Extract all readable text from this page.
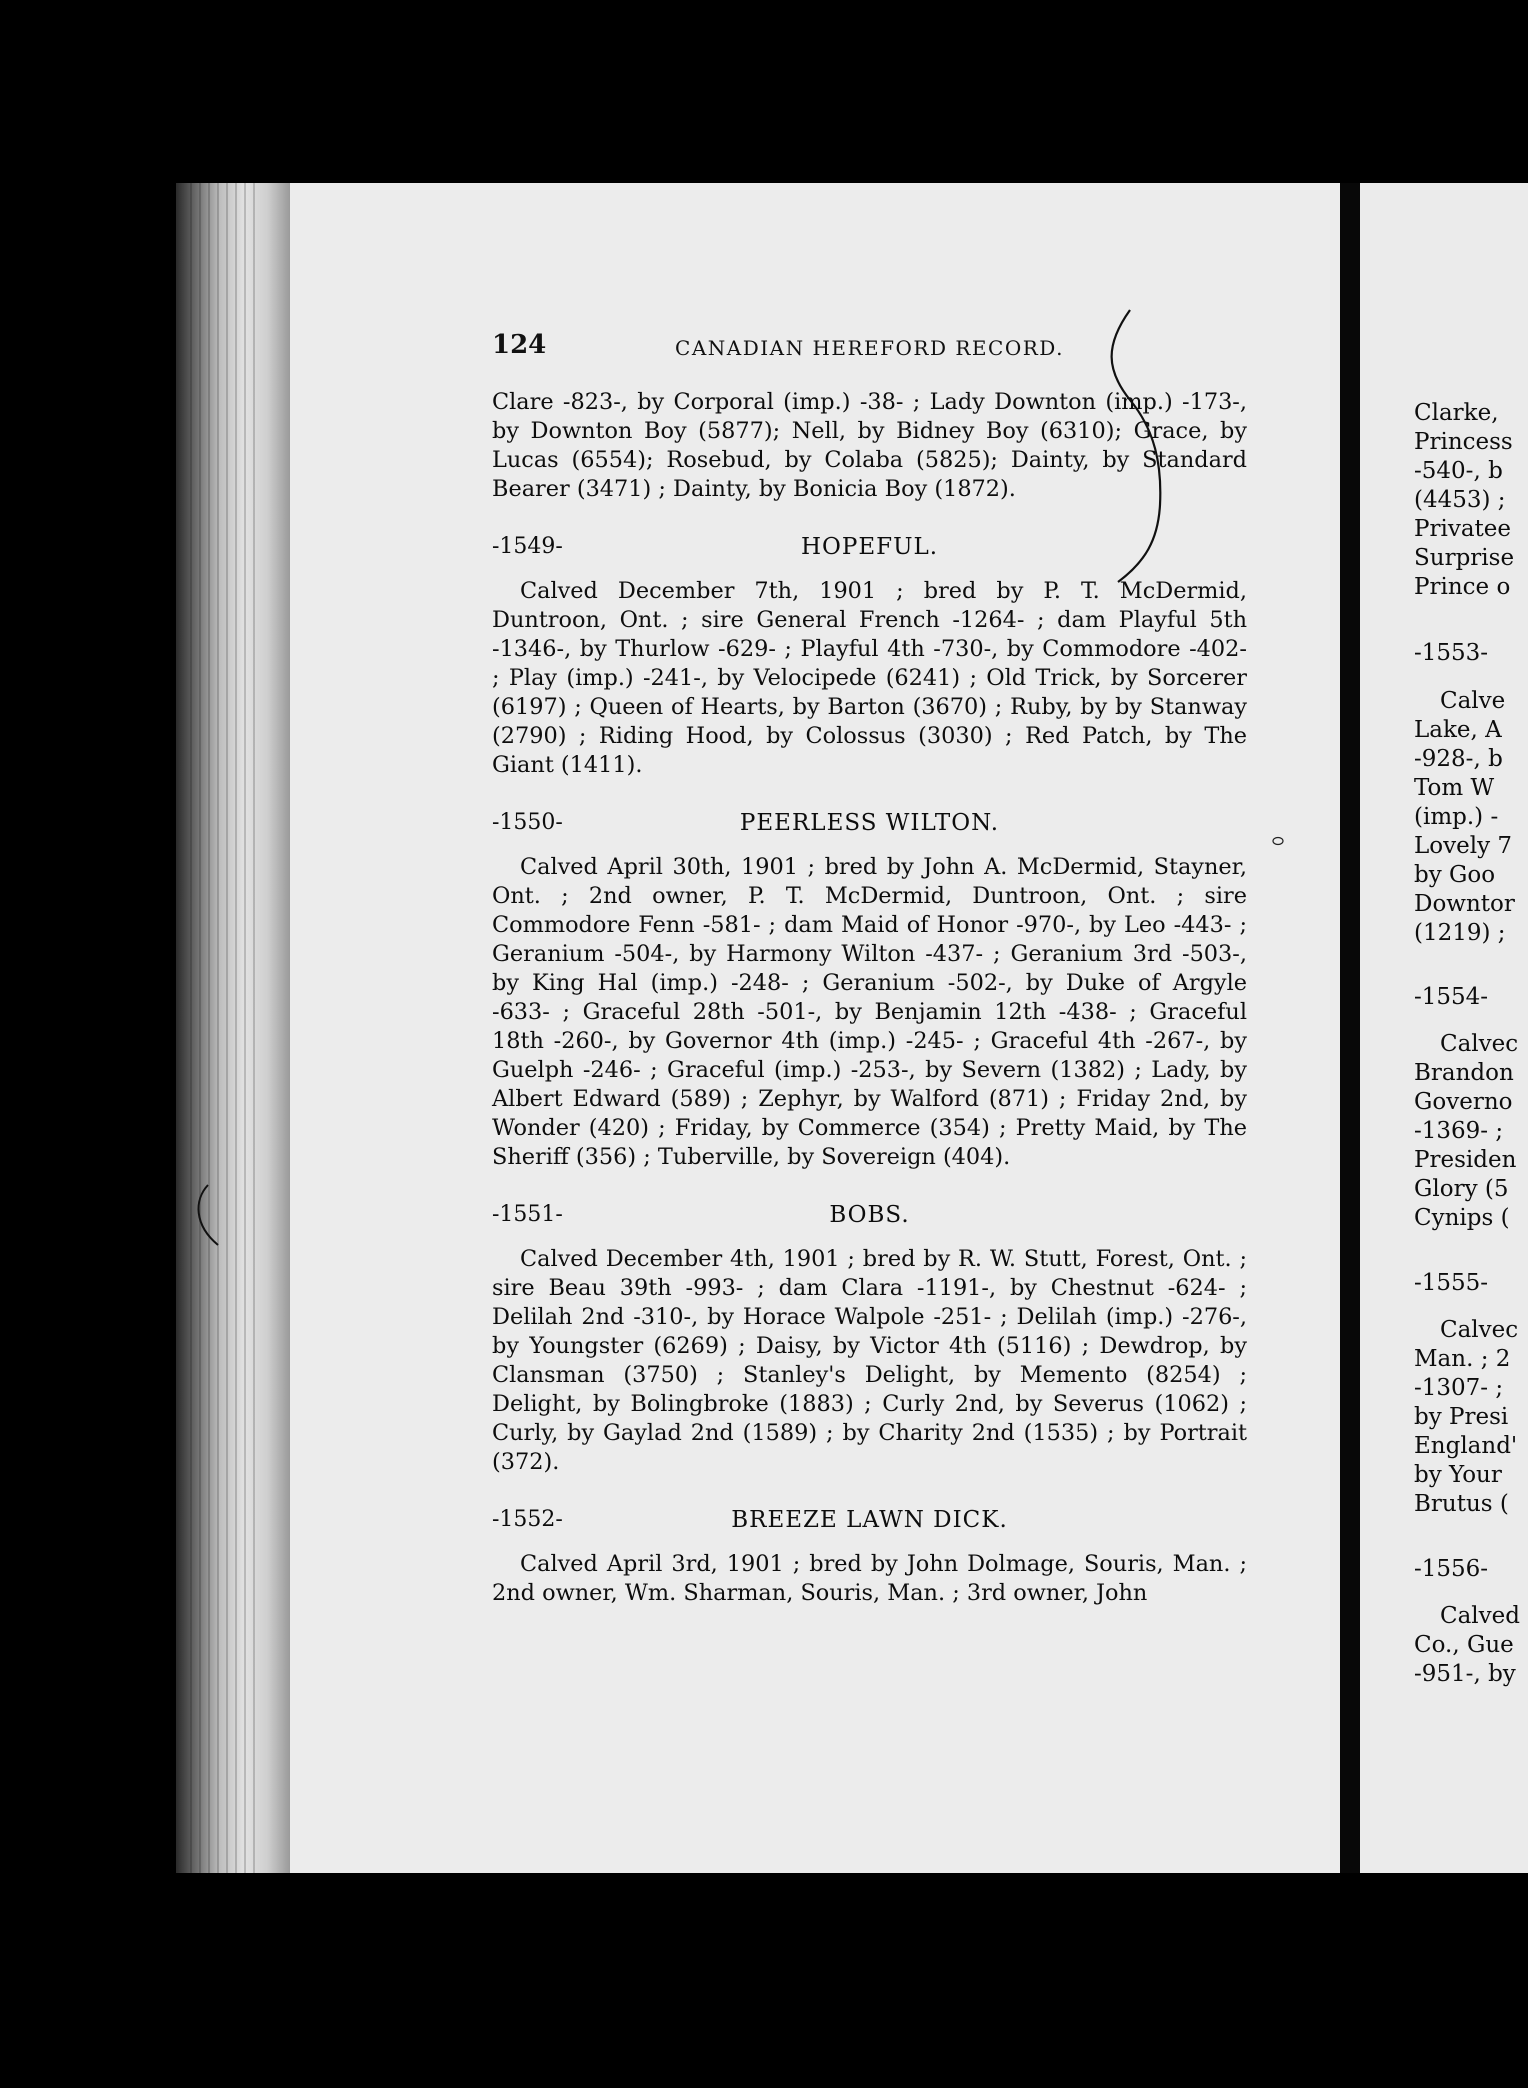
124	CANADIAN HEREFORD RECORD.

Clare -823-, by Corporal (imp.) -38- ; Lady Downton (imp.) -173-, by Downton Boy (5877); Nell, by Bidney Boy (6310); Grace, by Lucas (6554); Rosebud, by Colaba (5825); Dainty, by Standard Bearer (3471) ; Dainty, by Bonicia Boy (1872).

-1549-	HOPEFUL.

Calved December 7th, 1901 ; bred by P. T. McDermid, Duntroon, Ont. ; sire General French -1264- ; dam Playful 5th -1346-, by Thurlow -629- ; Playful 4th -730-, by Commodore -402- ; Play (imp.) -241-, by Velocipede (6241) ; Old Trick, by Sorcerer (6197) ; Queen of Hearts, by Barton (3670) ; Ruby, by by Stanway (2790) ; Riding Hood, by Colossus (3030) ; Red Patch, by The Giant (1411).

-1550-	PEERLESS WILTON.

Calved April 30th, 1901 ; bred by John A. McDermid, Stayner, Ont. ; 2nd owner, P. T. McDermid, Duntroon, Ont. ; sire Commodore Fenn -581- ; dam Maid of Honor -970-, by Leo -443- ; Geranium -504-, by Harmony Wilton -437- ; Geranium 3rd -503-, by King Hal (imp.) -248- ; Geranium -502-, by Duke of Argyle -633- ; Graceful 28th -501-, by Benjamin 12th -438- ; Graceful 18th -260-, by Governor 4th (imp.) -245- ; Graceful 4th -267-, by Guelph -246- ; Graceful (imp.) -253-, by Severn (1382) ; Lady, by Albert Edward (589) ; Zephyr, by Walford (871) ; Friday 2nd, by Wonder (420) ; Friday, by Commerce (354) ; Pretty Maid, by The Sheriff (356) ; Tuberville, by Sovereign (404).

-1551-	BOBS.

Calved December 4th, 1901 ; bred by R. W. Stutt, Forest, Ont. ; sire Beau 39th -993- ; dam Clara -1191-, by Chestnut -624- ; Delilah 2nd -310-, by Horace Walpole -251- ; Delilah (imp.) -276-, by Youngster (6269) ; Daisy, by Victor 4th (5116) ; Dewdrop, by Clansman (3750) ; Stanley's Delight, by Memento (8254) ; Delight, by Bolingbroke (1883) ; Curly 2nd, by Severus (1062) ; Curly, by Gaylad 2nd (1589) ; by Charity 2nd (1535) ; by Portrait (372).

-1552-	BREEZE LAWN DICK.

Calved April 3rd, 1901 ; bred by John Dolmage, Souris, Man. ; 2nd owner, Wm. Sharman, Souris, Man. ; 3rd owner, John

Clarke,
Princess
-540-, b
(4453) ;
Privatee
Surprise
Prince o
-1553-
Calve
Lake, A
-928-, b
Tom W
(imp.) -
Lovely 7
by Goo
Downtor
(1219) ;
-1554-
Calvec
Brandon
Governo
-1369- ;
Presiden
Glory (5
Cynips (
-1555-
Calvec
Man. ; 2
-1307- ;
by Presi
England'
by Your
Brutus (
-1556-
Calved
Co., Gue
-951-, by
